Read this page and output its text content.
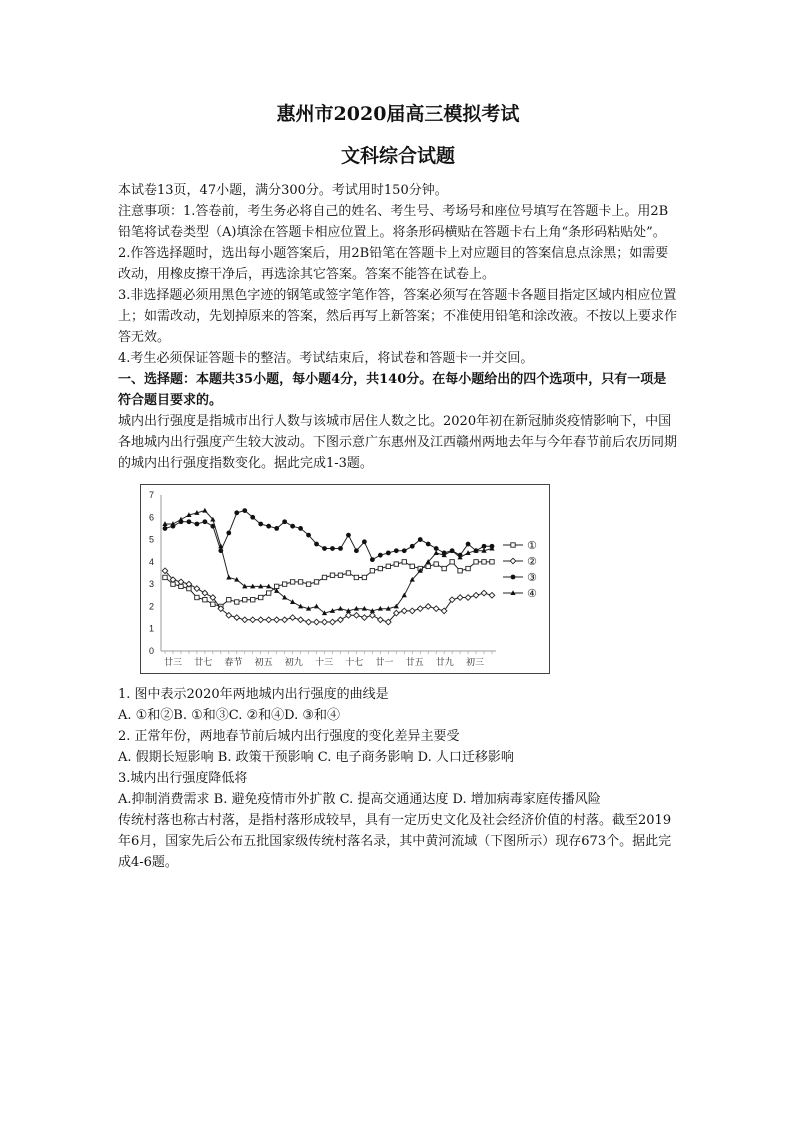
惠州市2020届高三模拟考试
文科综合试题

本试卷13页，47小题，满分300分。考试用时150分钟。

注意事项：1.答卷前，考生务必将自己的姓名、考生号、考场号和座位号填写在答题卡上。用2B铅笔将试卷类型（A)填涂在答题卡相应位置上。将条形码横贴在答题卡右上角“条形码粘贴处”。

2.作答选择题时，选出每小题答案后，用2B铅笔在答题卡上对应题目的答案信息点涂黑；如需要改动，用橡皮擦干净后，再选涂其它答案。答案不能答在试卷上。

3.非选择题必须用黑色字迹的钢笔或签字笔作答，答案必须写在答题卡各题目指定区域内相应位置上；如需改动，先划掉原来的答案，然后再写上新答案；不准使用铅笔和涂改液。不按以上要求作答无效。

4.考生必须保证答题卡的整洁。考试结束后，将试卷和答题卡一并交回。

一、选择题：本题共35小题，每小题4分，共140分。在每小题给出的四个选项中，只有一项是符合题目要求的。

城内出行强度是指城市出行人数与该城市居住人数之比。2020年初在新冠肺炎疫情影响下，中国各地城内出行强度产生较大波动。下图示意广东惠州及江西赣州两地去年与今年春节前后农历同期的城内出行强度指数变化。据此完成1-3题。

0
1
2
3
4
5
6
7
廿三 廿七 春节 初五 初九 十三 十七 廿一 廿五 廿九 初三
①
②
③
④

1. 图中表示2020年两地城内出行强度的曲线是

A. ①和②B. ①和③C. ②和④D. ③和④

2. 正常年份，两地春节前后城内出行强度的变化差异主要受

A. 假期长短影响 B. 政策干预影响 C. 电子商务影响 D. 人口迁移影响

3.城内出行强度降低将

A.抑制消费需求 B. 避免疫情市外扩散 C. 提高交通通达度 D. 增加病毒家庭传播风险

传统村落也称古村落，是指村落形成较早，具有一定历史文化及社会经济价值的村落。截至2019年6月，国家先后公布五批国家级传统村落名录，其中黄河流域（下图所示）现存673个。据此完成4-6题。
